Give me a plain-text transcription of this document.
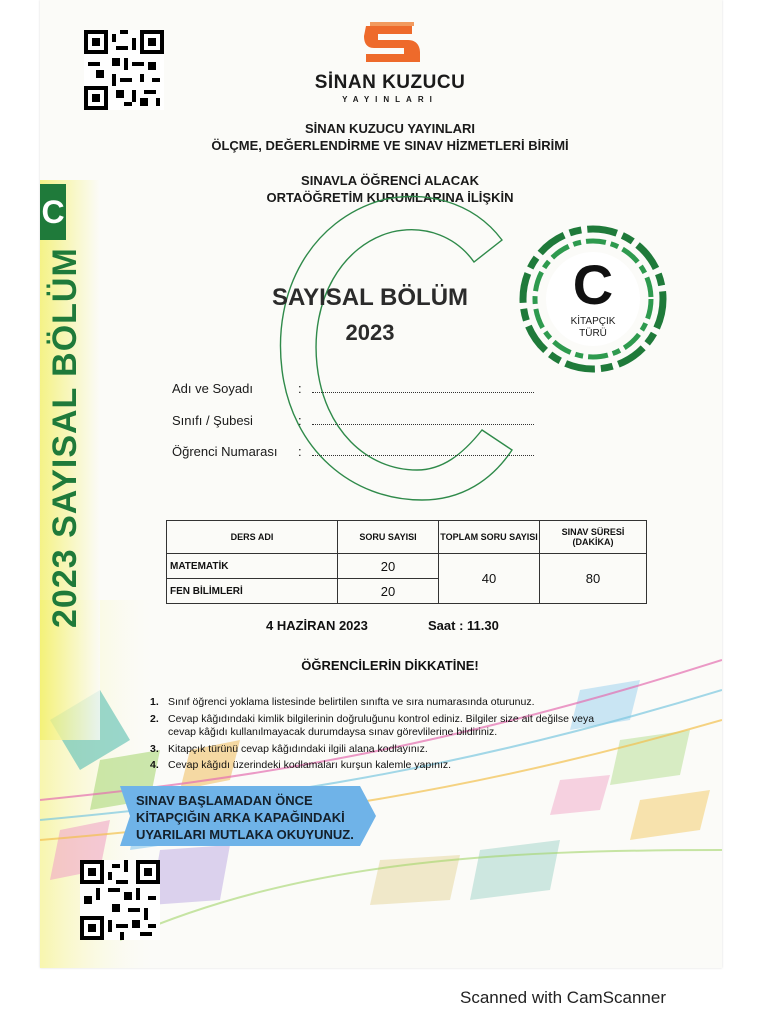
C
2023 SAYISAL BÖLÜM
SİNAN KUZUCU
YAYINLARI
SİNAN KUZUCU YAYINLARI
ÖLÇME, DEĞERLENDİRME VE SINAV HİZMETLERİ BİRİMİ
SINAVLA ÖĞRENCİ ALACAK
ORTAÖĞRETİM KURUMLARINA İLİŞKİN
SAYISAL BÖLÜM
2023
C
KİTAPÇIK
TÜRÜ
Adı ve Soyadı	:
Sınıfı / Şubesi	:
Öğrenci Numarası	:
DERS ADI	SORU SAYISI	TOPLAM SORU SAYISI	SINAV SÜRESİ (DAKİKA)
MATEMATİK	20	40	80
FEN BİLİMLERİ	20		
4 HAZİRAN 2023	Saat : 11.30
ÖĞRENCİLERİN DİKKATİNE!
1. Sınıf öğrenci yoklama listesinde belirtilen sınıfta ve sıra numarasında oturunuz.
2. Cevap kâğıdındaki kimlik bilgilerinin doğruluğunu kontrol ediniz. Bilgiler size ait değilse veya cevap kâğıdı kullanılmayacak durumdaysa sınav görevlilerine bildiriniz.
3. Kitapçık türünü cevap kâğıdındaki ilgili alana kodlayınız.
4. Cevap kâğıdı üzerindeki kodlamaları kurşun kalemle yapınız.
SINAV BAŞLAMADAN ÖNCE
KİTAPÇIĞIN ARKA KAPAĞINDAKİ
UYARILARI MUTLAKA OKUYUNUZ.
Scanned with CamScanner
